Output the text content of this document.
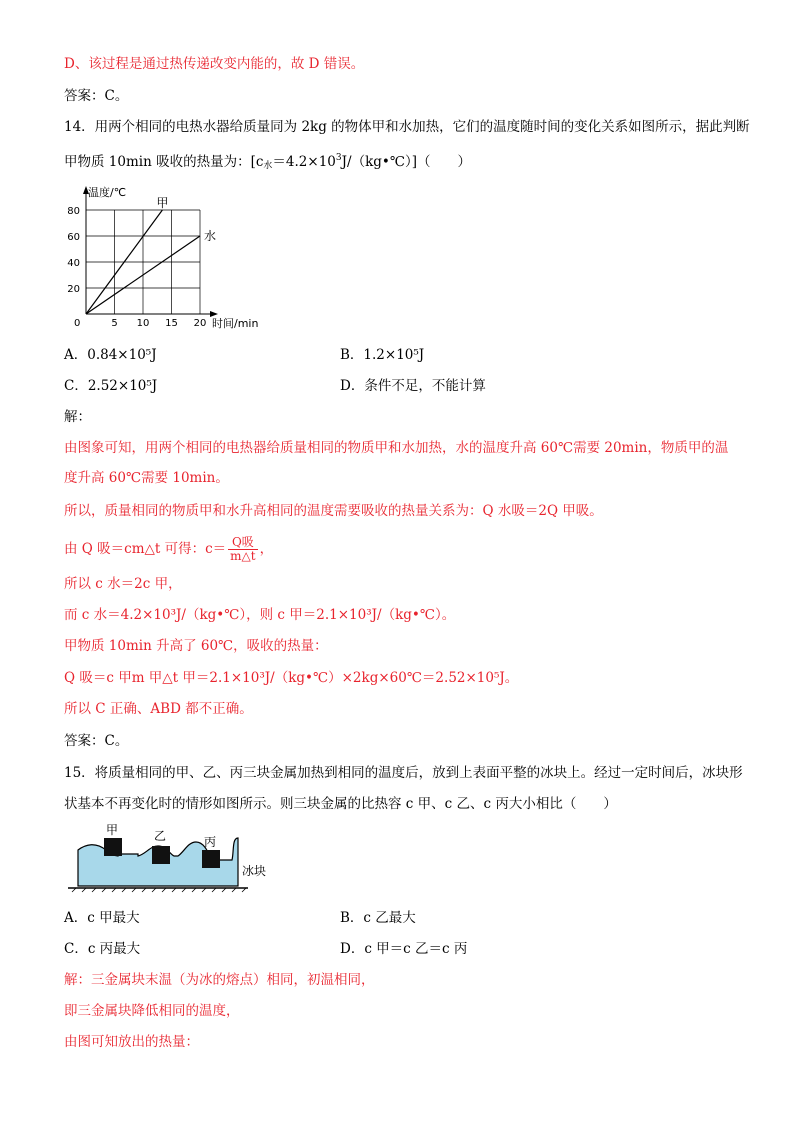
D、该过程是通过热传递改变内能的，故 D 错误。
答案：C。
14．用两个相同的电热水器给质量同为 2kg 的物体甲和水加热，它们的温度随时间的变化关系如图所示，据此判断
甲物质 10min 吸收的热量为：$[c_水=4.2\times 10^3J/(kg•℃)]$（　　）
0	5 10 15 20
20
40
60
80
甲
水
温度/℃
时间/min
A．0.84×10⁵J	B．1.2×10⁵J
C．2.52×10⁵J	D．条件不足，不能计算
解：
由图象可知，用两个相同的电热器给质量相同的物质甲和水加热，水的温度升高 60℃需要 20min，物质甲的温
度升高 60℃需要 10min。
所以，质量相同的物质甲和水升高相同的温度需要吸收的热量关系为：Q 水吸＝2Q 甲吸。
由 Q 吸＝cm△t 可得：$c= \frac{\text{Q吸}}{m\triangle t}$ ，
所以 c 水＝2c 甲，
而 c 水＝4.2×10³J/（kg•℃），则 c 甲＝2.1×10³J/（kg•℃）。
甲物质 10min 升高了 60℃，吸收的热量：
Q 吸＝c 甲m 甲△t 甲＝2.1×10³J/（kg•℃）×2kg×60℃＝2.52×10⁵J。
所以 C 正确、ABD 都不正确。
答案：C。
15．将质量相同的甲、乙、丙三块金属加热到相同的温度后，放到上表面平整的冰块上。经过一定时间后，冰块形
状基本不再变化时的情形如图所示。则三块金属的比热容 c 甲、c 乙、c 丙大小相比（　　）
甲	乙	丙
冰块
A．c 甲最大	B．c 乙最大
C．c 丙最大	D．c 甲＝c 乙＝c 丙
解：三金属块末温（为冰的熔点）相同，初温相同，
即三金属块降低相同的温度，
由图可知放出的热量：
